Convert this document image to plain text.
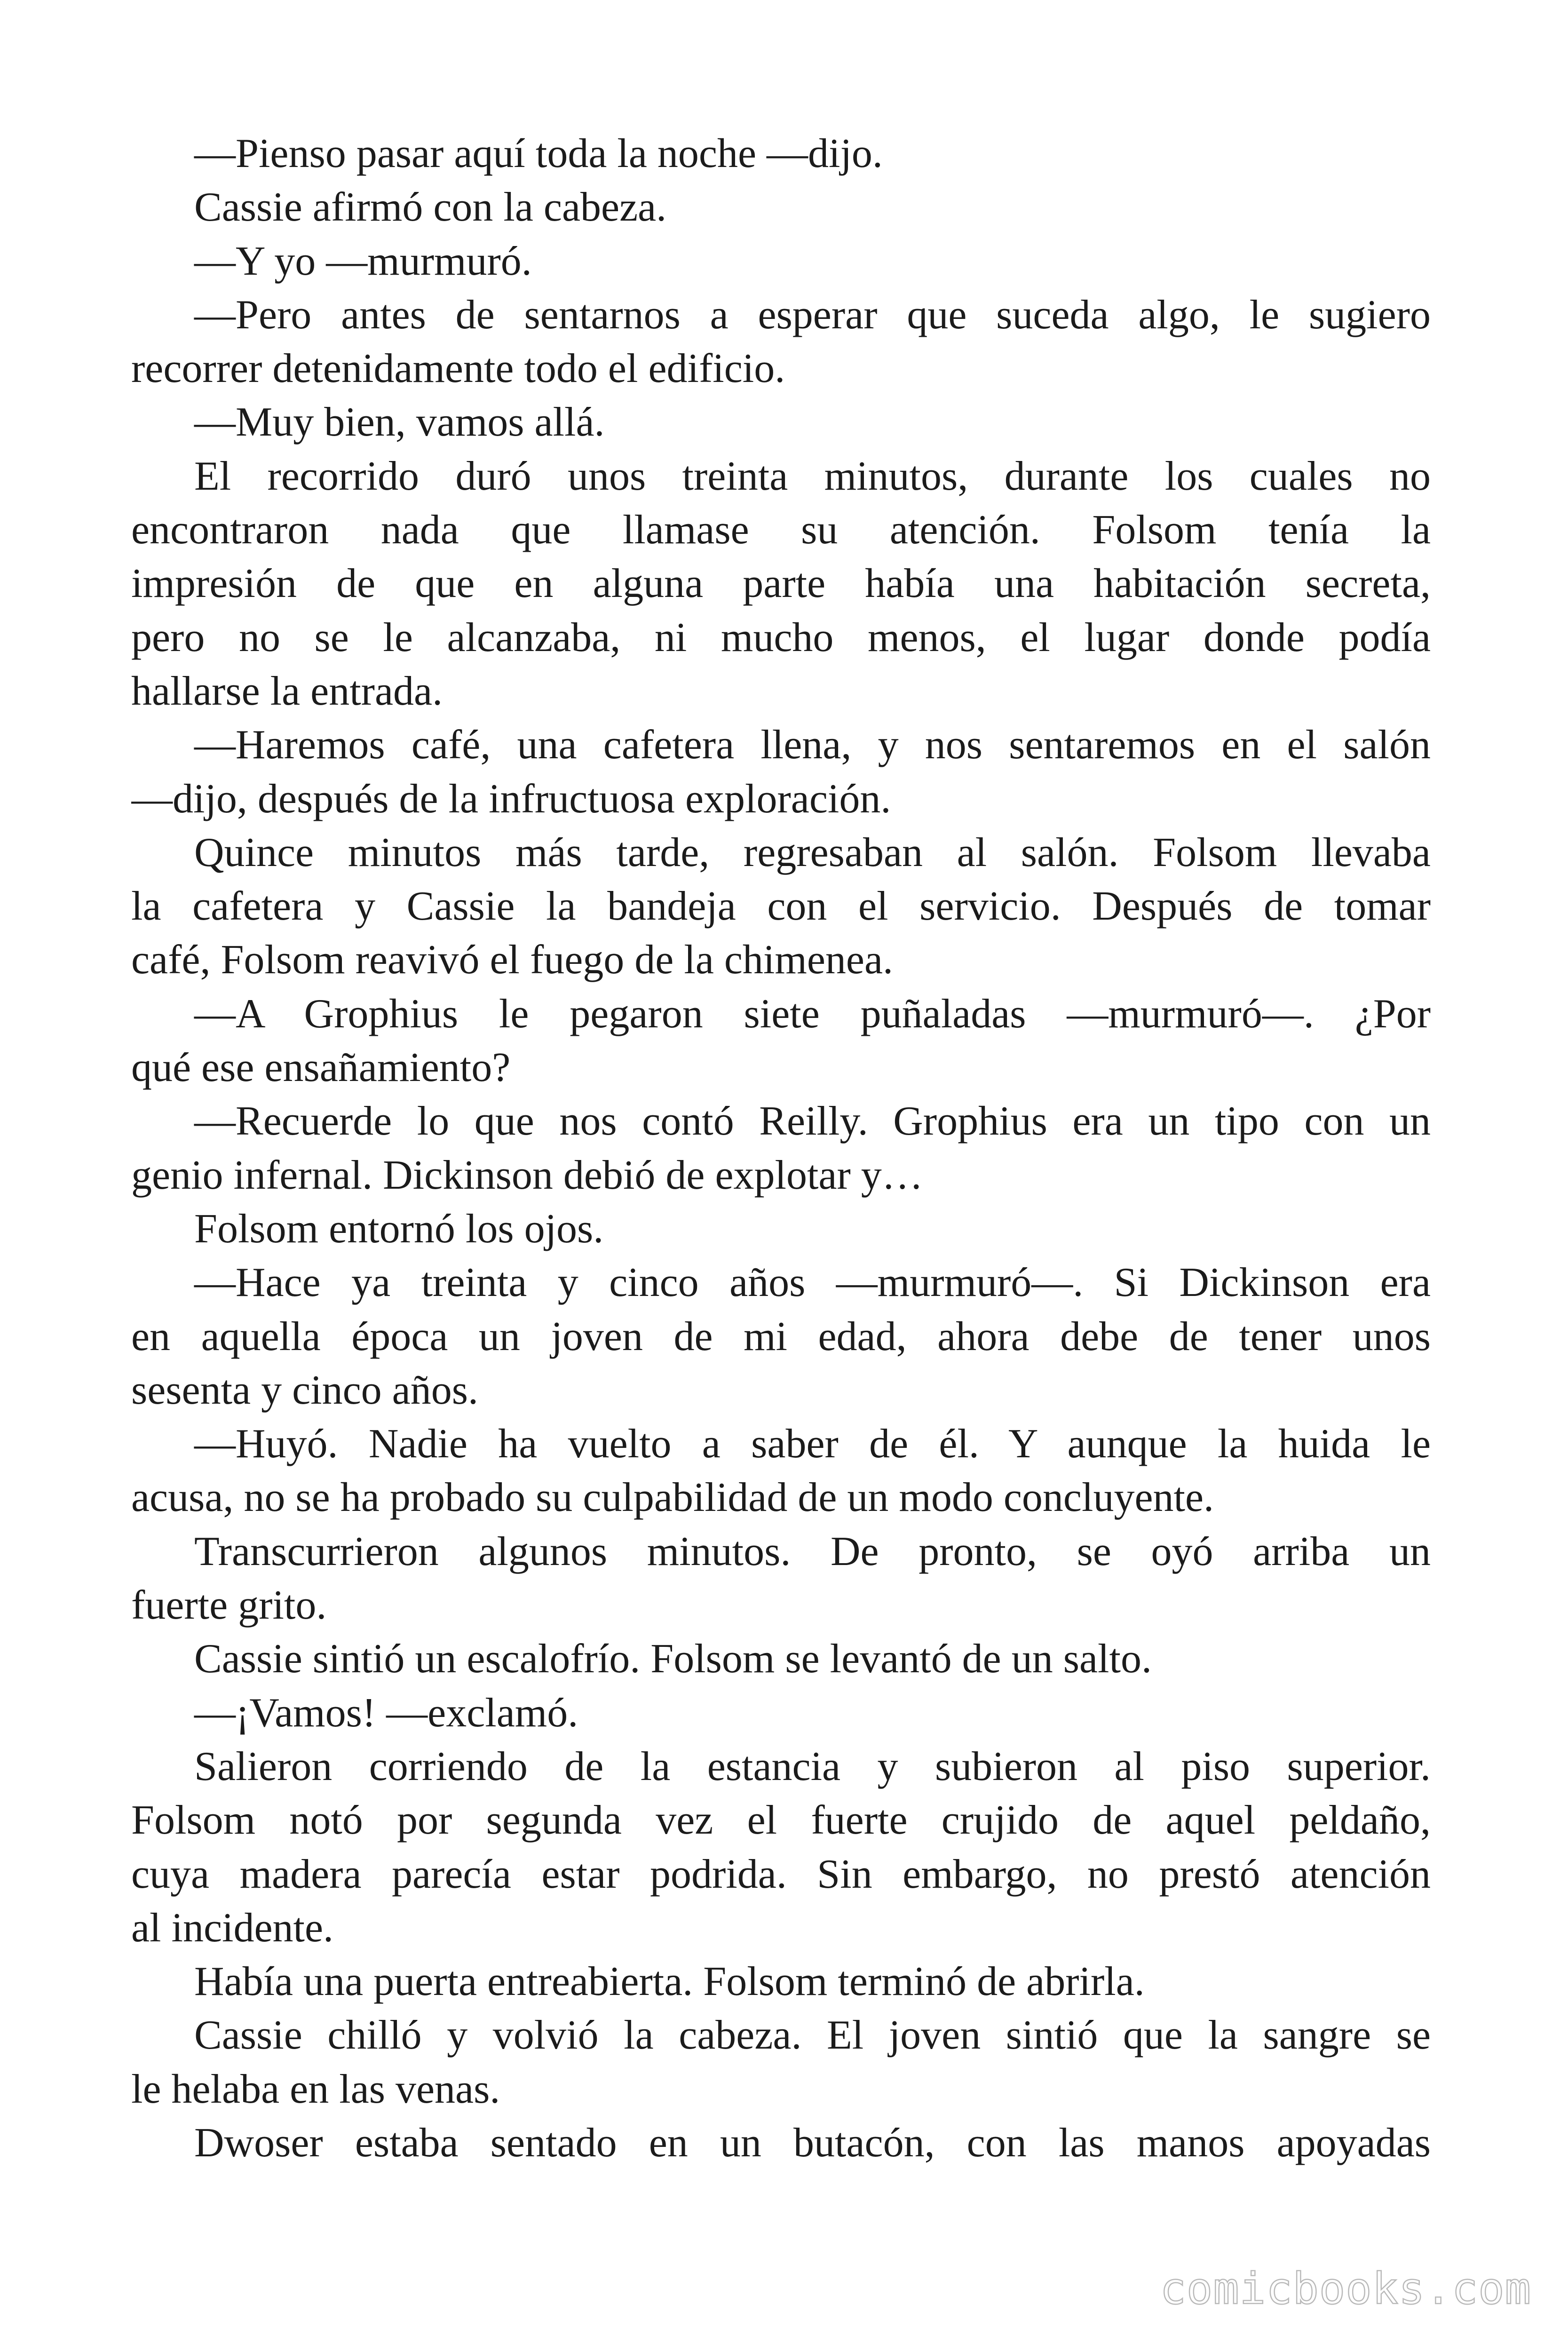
—Pienso pasar aquí toda la noche —dijo.
Cassie afirmó con la cabeza.
—Y yo —murmuró.
—Pero antes de sentarnos a esperar que suceda algo, le sugiero
recorrer detenidamente todo el edificio.
—Muy bien, vamos allá.
El recorrido duró unos treinta minutos, durante los cuales no
encontraron nada que llamase su atención. Folsom tenía la
impresión de que en alguna parte había una habitación secreta,
pero no se le alcanzaba, ni mucho menos, el lugar donde podía
hallarse la entrada.
—Haremos café, una cafetera llena, y nos sentaremos en el salón
—dijo, después de la infructuosa exploración.
Quince minutos más tarde, regresaban al salón. Folsom llevaba
la cafetera y Cassie la bandeja con el servicio. Después de tomar
café, Folsom reavivó el fuego de la chimenea.
—A Grophius le pegaron siete puñaladas —murmuró—. ¿Por
qué ese ensañamiento?
—Recuerde lo que nos contó Reilly. Grophius era un tipo con un
genio infernal. Dickinson debió de explotar y…
Folsom entornó los ojos.
—Hace ya treinta y cinco años —murmuró—. Si Dickinson era
en aquella época un joven de mi edad, ahora debe de tener unos
sesenta y cinco años.
—Huyó. Nadie ha vuelto a saber de él. Y aunque la huida le
acusa, no se ha probado su culpabilidad de un modo concluyente.
Transcurrieron algunos minutos. De pronto, se oyó arriba un
fuerte grito.
Cassie sintió un escalofrío. Folsom se levantó de un salto.
—¡Vamos! —exclamó.
Salieron corriendo de la estancia y subieron al piso superior.
Folsom notó por segunda vez el fuerte crujido de aquel peldaño,
cuya madera parecía estar podrida. Sin embargo, no prestó atención
al incidente.
Había una puerta entreabierta. Folsom terminó de abrirla.
Cassie chilló y volvió la cabeza. El joven sintió que la sangre se
le helaba en las venas.
Dwoser estaba sentado en un butacón, con las manos apoyadas
comicbooks.com
